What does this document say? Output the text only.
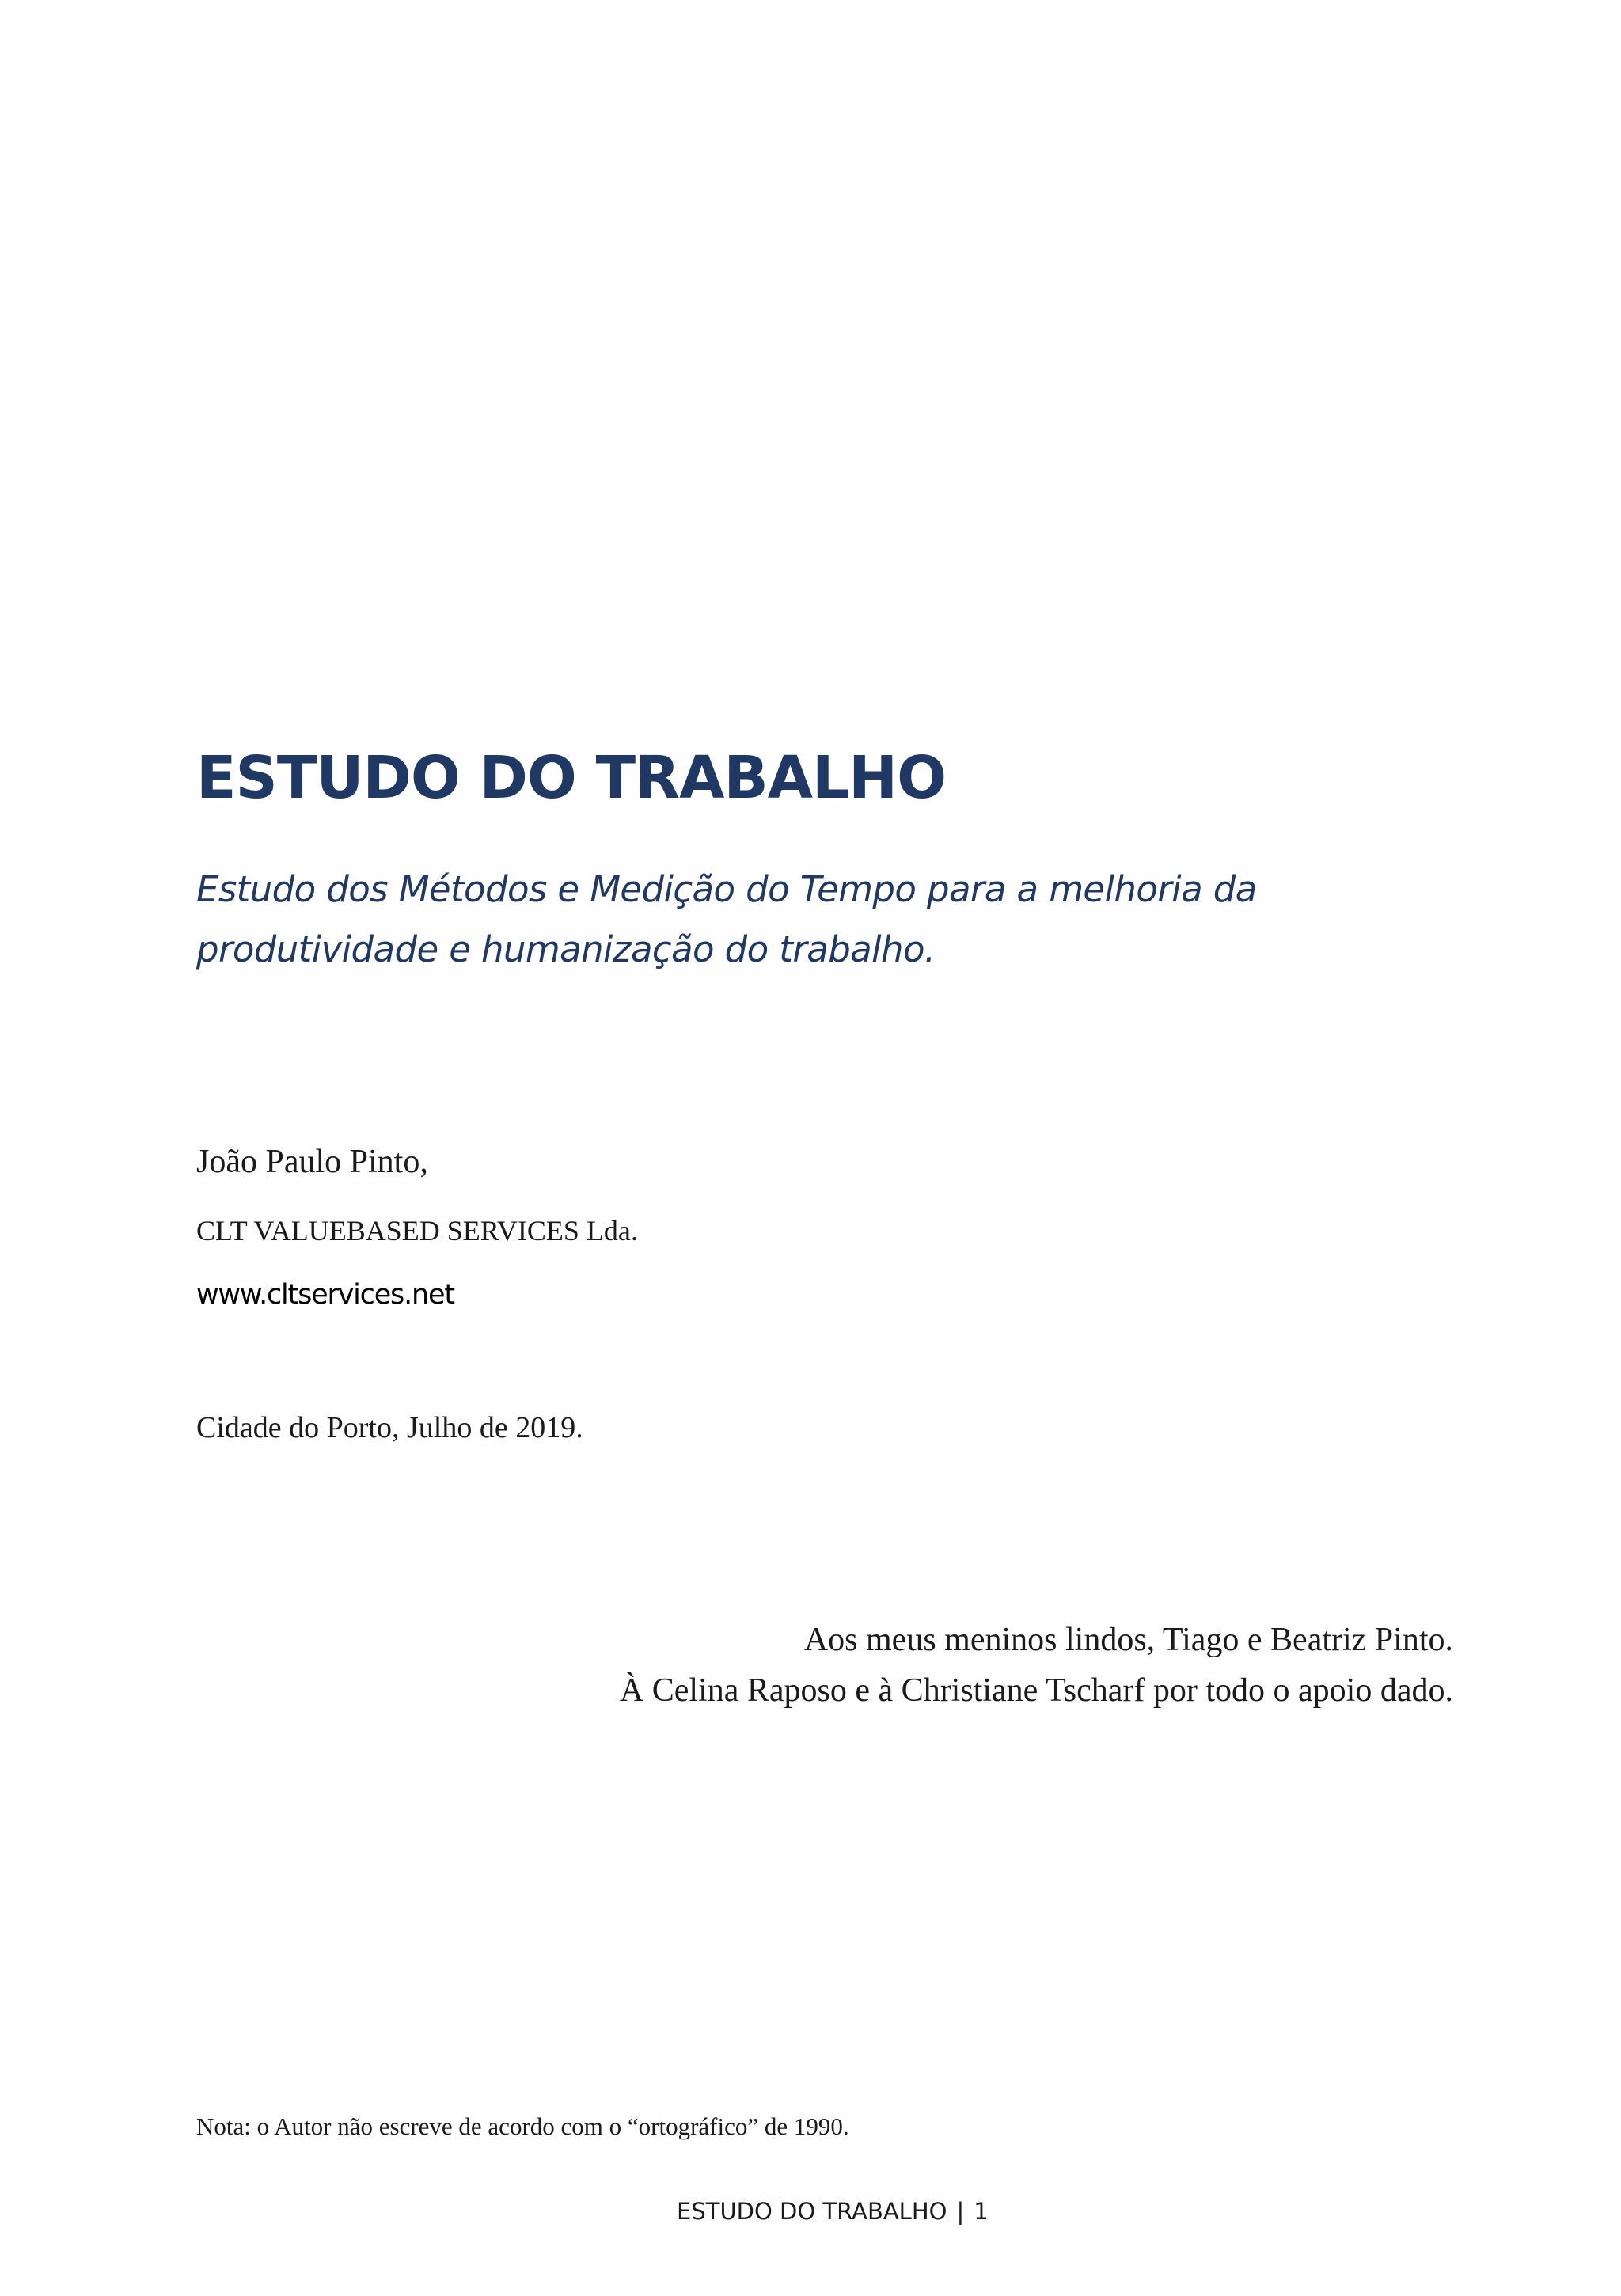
ESTUDO DO TRABALHO

Estudo dos Métodos e Medição do Tempo para a melhoria da
produtividade e humanização do trabalho.

João Paulo Pinto,

CLT VALUEBASED SERVICES Lda.

www.cltservices.net

Cidade do Porto, Julho de 2019.

Aos meus meninos lindos, Tiago e Beatriz Pinto.
À Celina Raposo e à Christiane Tscharf por todo o apoio dado.

Nota: o Autor não escreve de acordo com o “ortográfico” de 1990.

ESTUDO DO TRABALHO | 1
